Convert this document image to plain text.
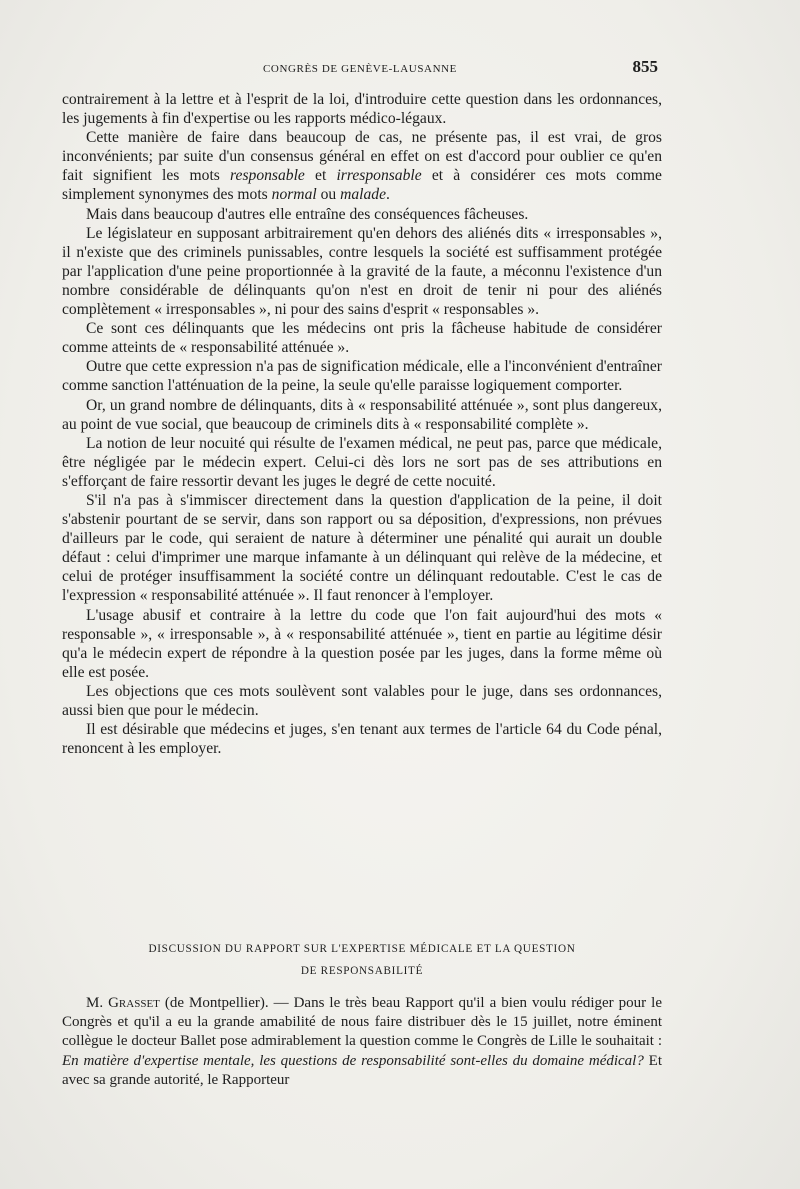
CONGRÈS DE GENÈVE-LAUSANNE	855

contrairement à la lettre et à l'esprit de la loi, d'introduire cette question dans les ordonnances, les jugements à fin d'expertise ou les rapports médico-légaux.

Cette manière de faire dans beaucoup de cas, ne présente pas, il est vrai, de gros inconvénients; par suite d'un consensus général en effet on est d'accord pour oublier ce qu'en fait signifient les mots responsable et irresponsable et à considérer ces mots comme simplement synonymes des mots normal ou malade.

Mais dans beaucoup d'autres elle entraîne des conséquences fâcheuses.

Le législateur en supposant arbitrairement qu'en dehors des aliénés dits « irresponsables », il n'existe que des criminels punissables, contre lesquels la société est suffisamment protégée par l'application d'une peine proportionnée à la gravité de la faute, a méconnu l'existence d'un nombre considérable de délinquants qu'on n'est en droit de tenir ni pour des aliénés complètement « irresponsables », ni pour des sains d'esprit « responsables ».

Ce sont ces délinquants que les médecins ont pris la fâcheuse habitude de considérer comme atteints de « responsabilité atténuée ».

Outre que cette expression n'a pas de signification médicale, elle a l'inconvénient d'entraîner comme sanction l'atténuation de la peine, la seule qu'elle paraisse logiquement comporter.

Or, un grand nombre de délinquants, dits à « responsabilité atténuée », sont plus dangereux, au point de vue social, que beaucoup de criminels dits à « responsabilité complète ».

La notion de leur nocuité qui résulte de l'examen médical, ne peut pas, parce que médicale, être négligée par le médecin expert. Celui-ci dès lors ne sort pas de ses attributions en s'efforçant de faire ressortir devant les juges le degré de cette nocuité.

S'il n'a pas à s'immiscer directement dans la question d'application de la peine, il doit s'abstenir pourtant de se servir, dans son rapport ou sa déposition, d'expressions, non prévues d'ailleurs par le code, qui seraient de nature à déterminer une pénalité qui aurait un double défaut : celui d'imprimer une marque infamante à un délinquant qui relève de la médecine, et celui de protéger insuffisamment la société contre un délinquant redoutable. C'est le cas de l'expression « responsabilité atténuée ». Il faut renoncer à l'employer.

L'usage abusif et contraire à la lettre du code que l'on fait aujourd'hui des mots « responsable », « irresponsable », à « responsabilité atténuée », tient en partie au légitime désir qu'a le médecin expert de répondre à la question posée par les juges, dans la forme même où elle est posée.

Les objections que ces mots soulèvent sont valables pour le juge, dans ses ordonnances, aussi bien que pour le médecin.

Il est désirable que médecins et juges, s'en tenant aux termes de l'article 64 du Code pénal, renoncent à les employer.

DISCUSSION DU RAPPORT SUR L'EXPERTISE MÉDICALE ET LA QUESTION
DE RESPONSABILITÉ

M. Grasset (de Montpellier). — Dans le très beau Rapport qu'il a bien voulu rédiger pour le Congrès et qu'il a eu la grande amabilité de nous faire distribuer dès le 15 juillet, notre éminent collègue le docteur Ballet pose admirablement la question comme le Congrès de Lille le souhaitait : En matière d'expertise mentale, les questions de responsabilité sont-elles du domaine médical? Et avec sa grande autorité, le Rapporteur
